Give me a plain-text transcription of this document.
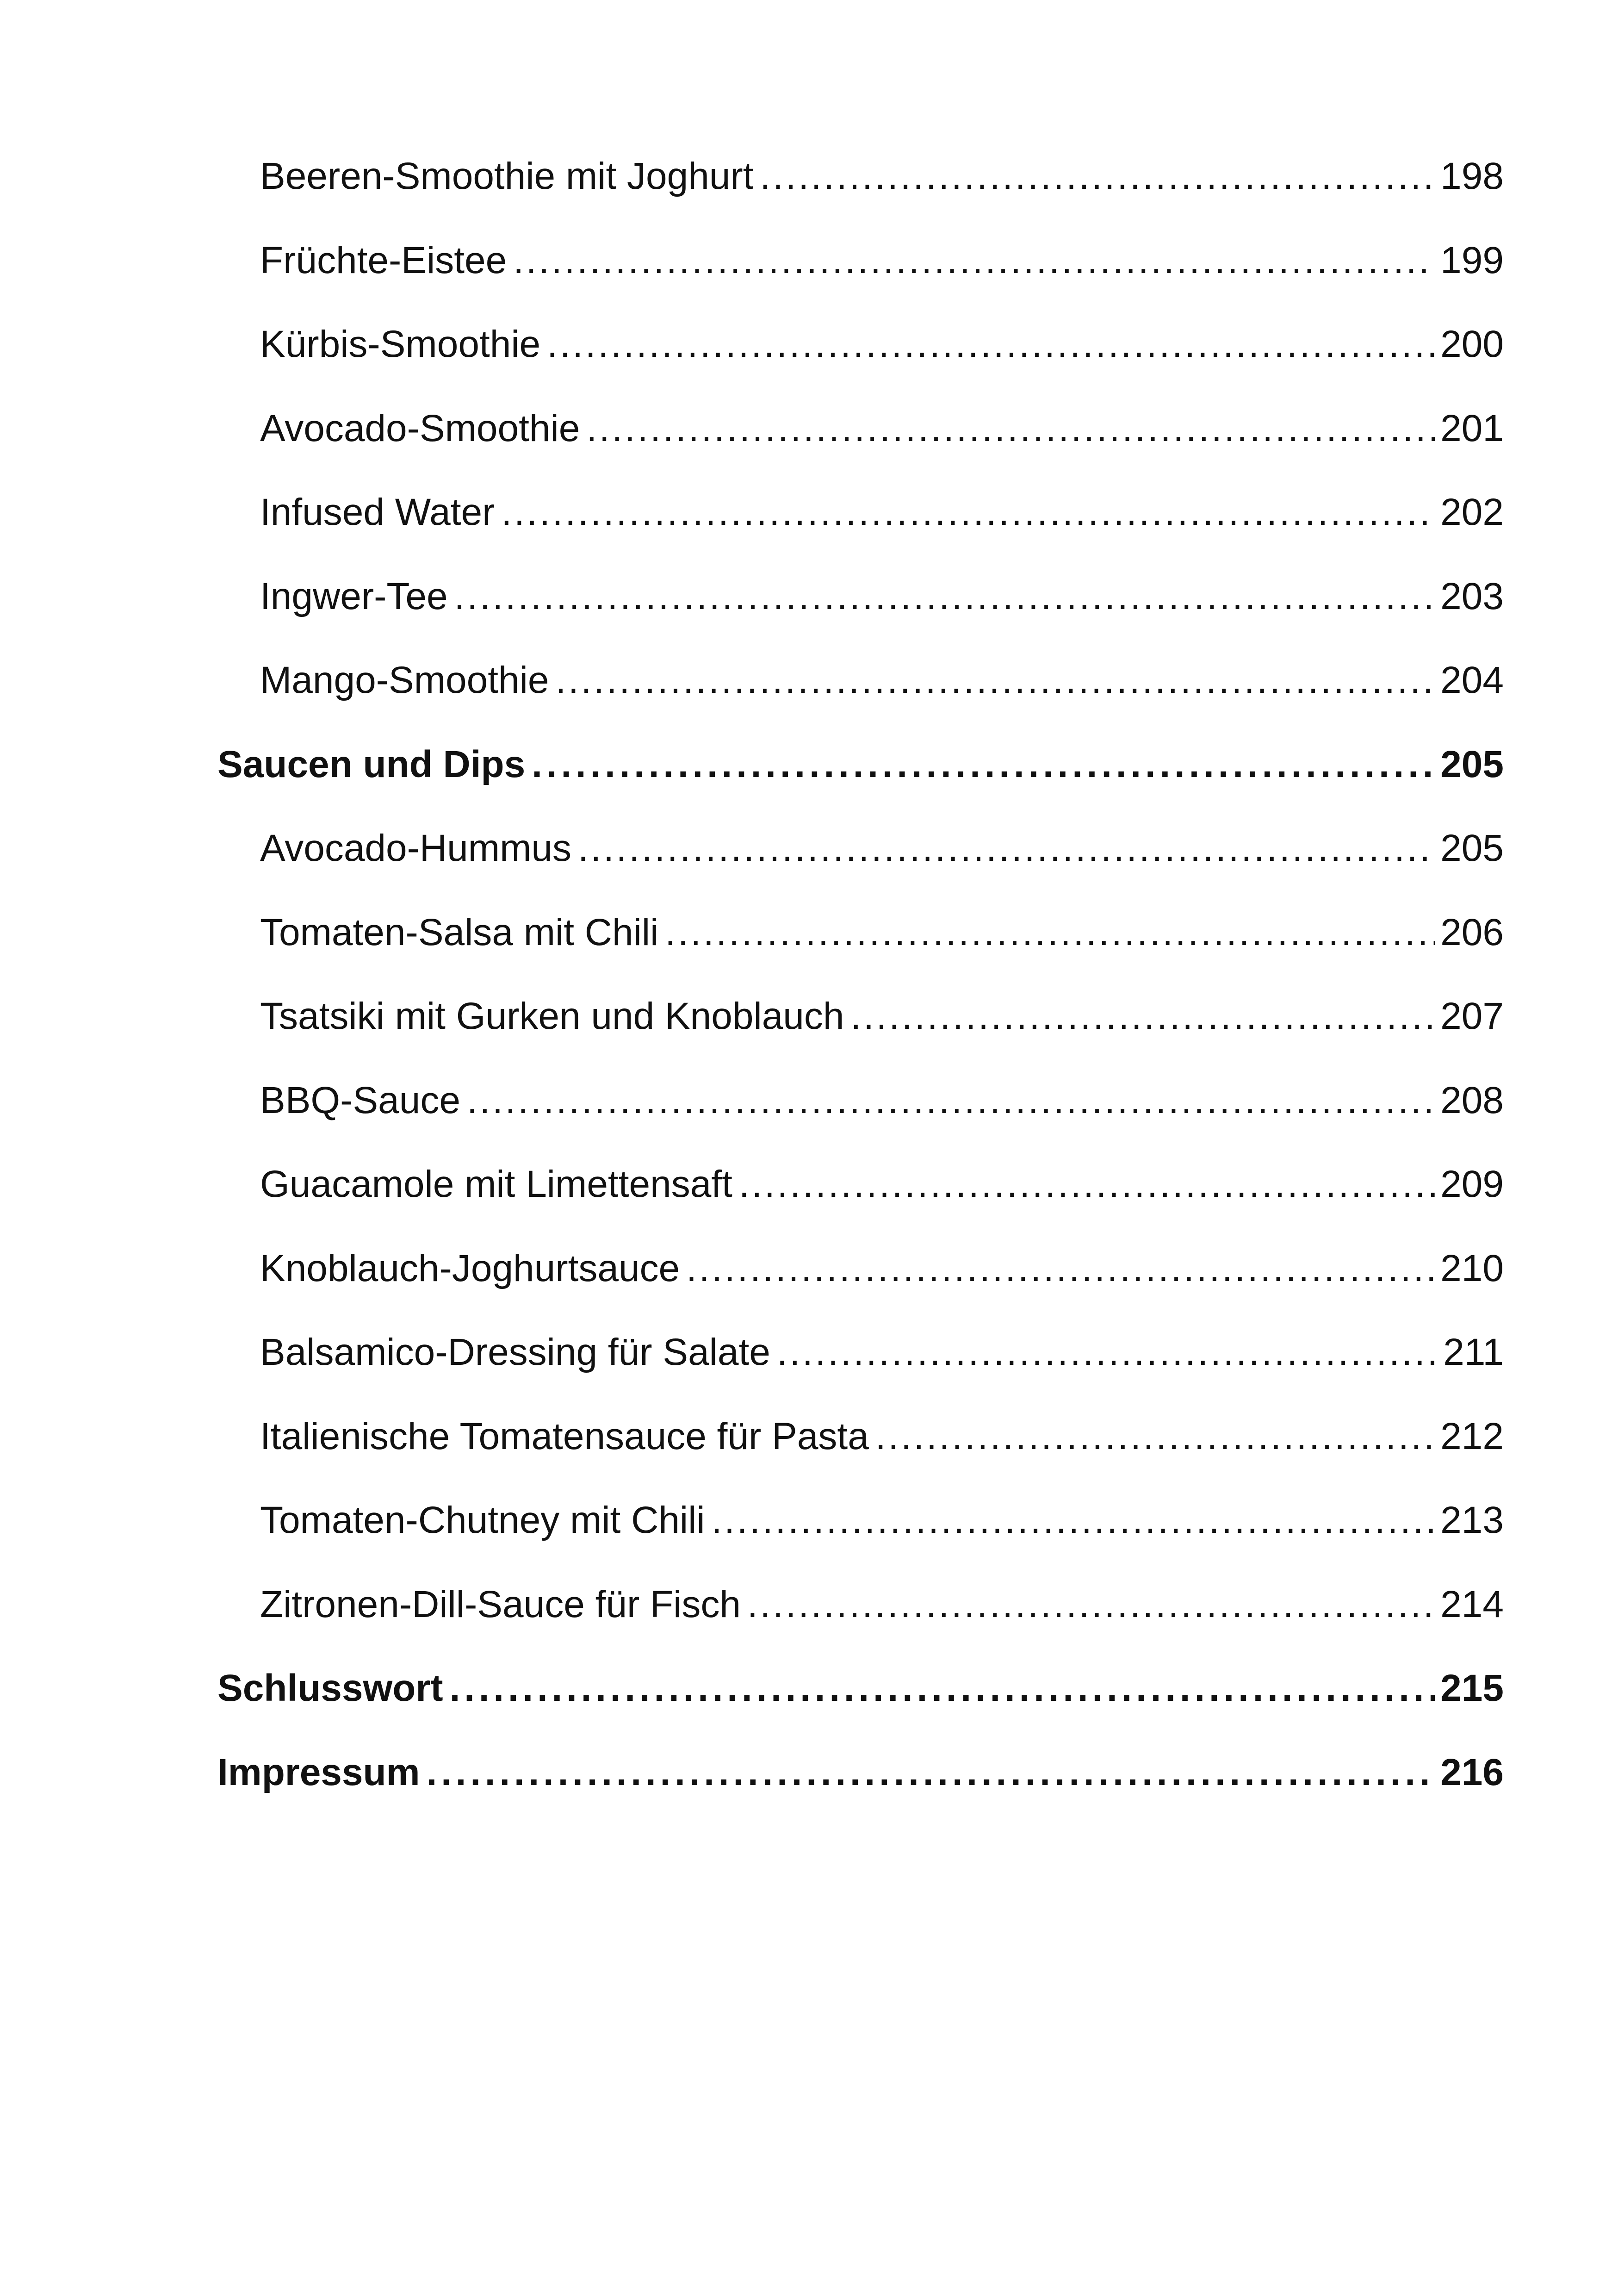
Beeren-Smoothie mit Joghurt . . .	198
Früchte-Eistee . . .	199
Kürbis-Smoothie . . .	200
Avocado-Smoothie . . .	201
Infused Water . . .	202
Ingwer-Tee . . .	203
Mango-Smoothie . . .	204
Saucen und Dips . . .	205
Avocado-Hummus . . .	205
Tomaten-Salsa mit Chili . . .	206
Tsatsiki mit Gurken und Knoblauch . . .	207
BBQ-Sauce . . .	208
Guacamole mit Limettensaft . . .	209
Knoblauch-Joghurtsauce . . .	210
Balsamico-Dressing für Salate . . .	211
Italienische Tomatensauce für Pasta . . .	212
Tomaten-Chutney mit Chili . . .	213
Zitronen-Dill-Sauce für Fisch . . .	214
Schlusswort . . .	215
Impressum . . .	216
